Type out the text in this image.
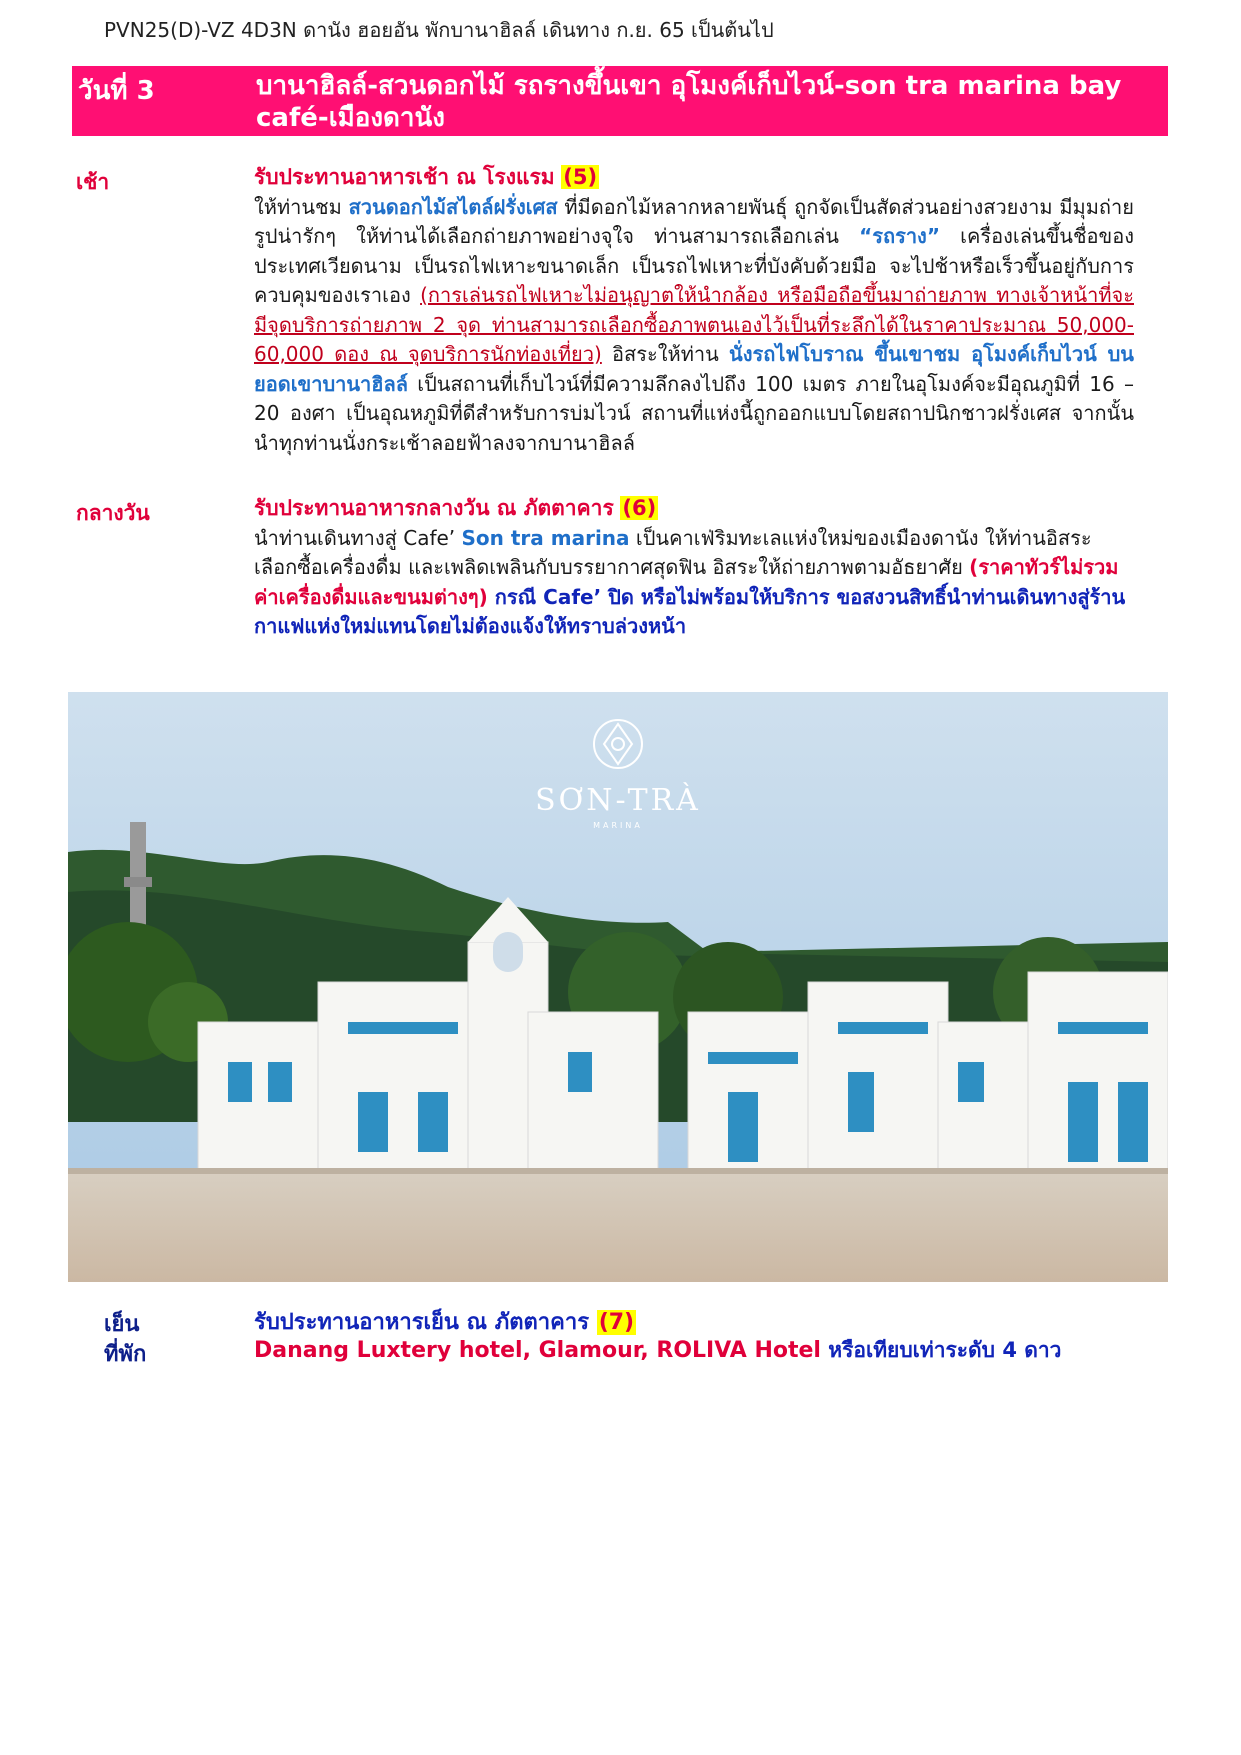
PVN25(D)-VZ 4D3N ดานัง ฮอยอัน พักบานาฮิลล์ เดินทาง ก.ย. 65 เป็นต้นไป
วันที่ 3	บานาฮิลล์-สวนดอกไม้ รถรางขึ้นเขา อุโมงค์เก็บไวน์-son tra marina bay café-เมืองดานัง
เช้า	รับประทานอาหารเช้า ณ โรงแรม (5)
ให้ท่านชม สวนดอกไม้สไตล์ฝรั่งเศส ที่มีดอกไม้หลากหลายพันธุ์ ถูกจัดเป็นสัดส่วนอย่างสวยงาม มีมุมถ่ายรูปน่ารักๆ ให้ท่านได้เลือกถ่ายภาพอย่างจุใจ ท่านสามารถเลือกเล่น “รถราง” เครื่องเล่นขึ้นชื่อของประเทศเวียดนาม เป็นรถไฟเหาะขนาดเล็ก เป็นรถไฟเหาะที่บังคับด้วยมือ จะไปช้าหรือเร็วขึ้นอยู่กับการควบคุมของเราเอง (การเล่นรถไฟเหาะไม่อนุญาตให้นำกล้อง หรือมือถือขึ้นมาถ่ายภาพ ทางเจ้าหน้าที่จะมีจุดบริการถ่ายภาพ 2 จุด ท่านสามารถเลือกซื้อภาพตนเองไว้เป็นที่ระลึกได้ในราคาประมาณ 50,000-60,000 ดอง ณ จุดบริการนักท่องเที่ยว) อิสระให้ท่าน นั่งรถไฟโบราณ ขึ้นเขาชม อุโมงค์เก็บไวน์ บนยอดเขาบานาฮิลล์ เป็นสถานที่เก็บไวน์ที่มีความลึกลงไปถึง 100 เมตร ภายในอุโมงค์จะมีอุณภูมิที่ 16 – 20 องศา เป็นอุณหภูมิที่ดีสำหรับการบ่มไวน์ สถานที่แห่งนี้ถูกออกแบบโดยสถาปนิกชาวฝรั่งเศส จากนั้นนำทุกท่านนั่งกระเช้าลอยฟ้าลงจากบานาฮิลล์
กลางวัน	รับประทานอาหารกลางวัน ณ ภัตตาคาร (6)
นำท่านเดินทางสู่ Cafe’ Son tra marina เป็นคาเฟ่ริมทะเลแห่งใหม่ของเมืองดานัง ให้ท่านอิสระเลือกซื้อเครื่องดื่ม และเพลิดเพลินกับบรรยากาศสุดฟิน อิสระให้ถ่ายภาพตามอัธยาศัย (ราคาทัวร์ไม่รวมค่าเครื่องดื่มและขนมต่างๆ) กรณี Cafe’ ปิด หรือไม่พร้อมให้บริการ ขอสงวนสิทธิ์นำท่านเดินทางสู่ร้านกาแฟแห่งใหม่แทนโดยไม่ต้องแจ้งให้ทราบล่วงหน้า
SƠN-TRÀ
MARINA
เย็น	รับประทานอาหารเย็น ณ ภัตตาคาร (7)
ที่พัก	Danang Luxtery hotel, Glamour, ROLIVA Hotel หรือเทียบเท่าระดับ 4 ดาว
